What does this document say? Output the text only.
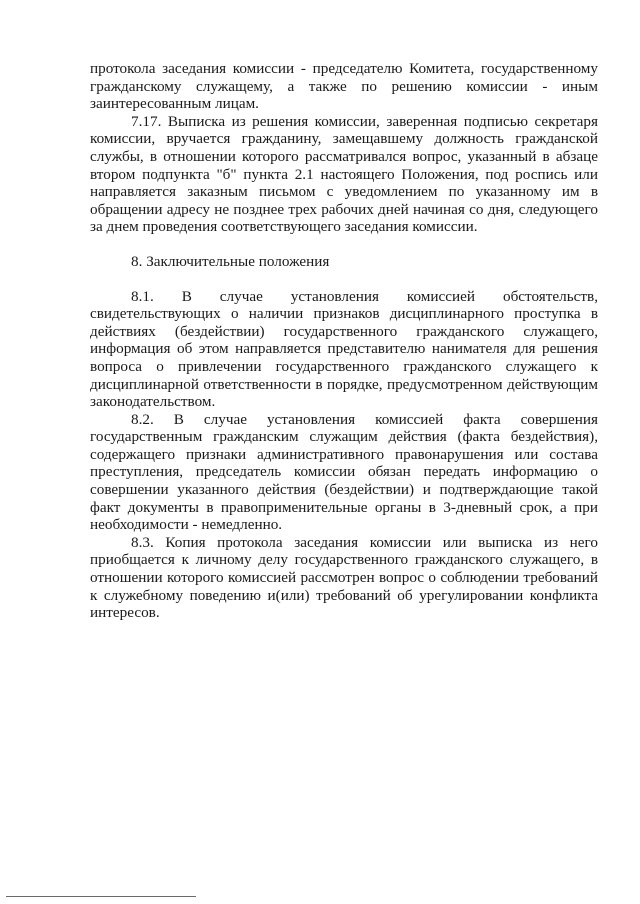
протокола заседания комиссии - председателю Комитета, государственному гражданскому служащему, а также по решению комиссии - иным заинтересованным лицам.

7.17. Выписка из решения комиссии, заверенная подписью секретаря комиссии, вручается гражданину, замещавшему должность гражданской службы, в отношении которого рассматривался вопрос, указанный в абзаце втором подпункта "б" пункта 2.1 настоящего Положения, под роспись или направляется заказным письмом с уведомлением по указанному им в обращении адресу не позднее трех рабочих дней начиная со дня, следующего за днем проведения соответствующего заседания комиссии.

8. Заключительные положения

8.1. В случае установления комиссией обстоятельств, свидетельствующих о наличии признаков дисциплинарного проступка в действиях (бездействии) государственного гражданского служащего, информация об этом направляется представителю нанимателя для решения вопроса о привлечении государственного гражданского служащего к дисциплинарной ответственности в порядке, предусмотренном действующим законодательством.

8.2. В случае установления комиссией факта совершения государственным гражданским служащим действия (факта бездействия), содержащего признаки административного правонарушения или состава преступления, председатель комиссии обязан передать информацию о совершении указанного действия (бездействии) и подтверждающие такой факт документы в правоприменительные органы в 3-дневный срок, а при необходимости - немедленно.

8.3. Копия протокола заседания комиссии или выписка из него приобщается к личному делу государственного гражданского служащего, в отношении которого комиссией рассмотрен вопрос о соблюдении требований к служебному поведению и(или) требований об урегулировании конфликта интересов.
